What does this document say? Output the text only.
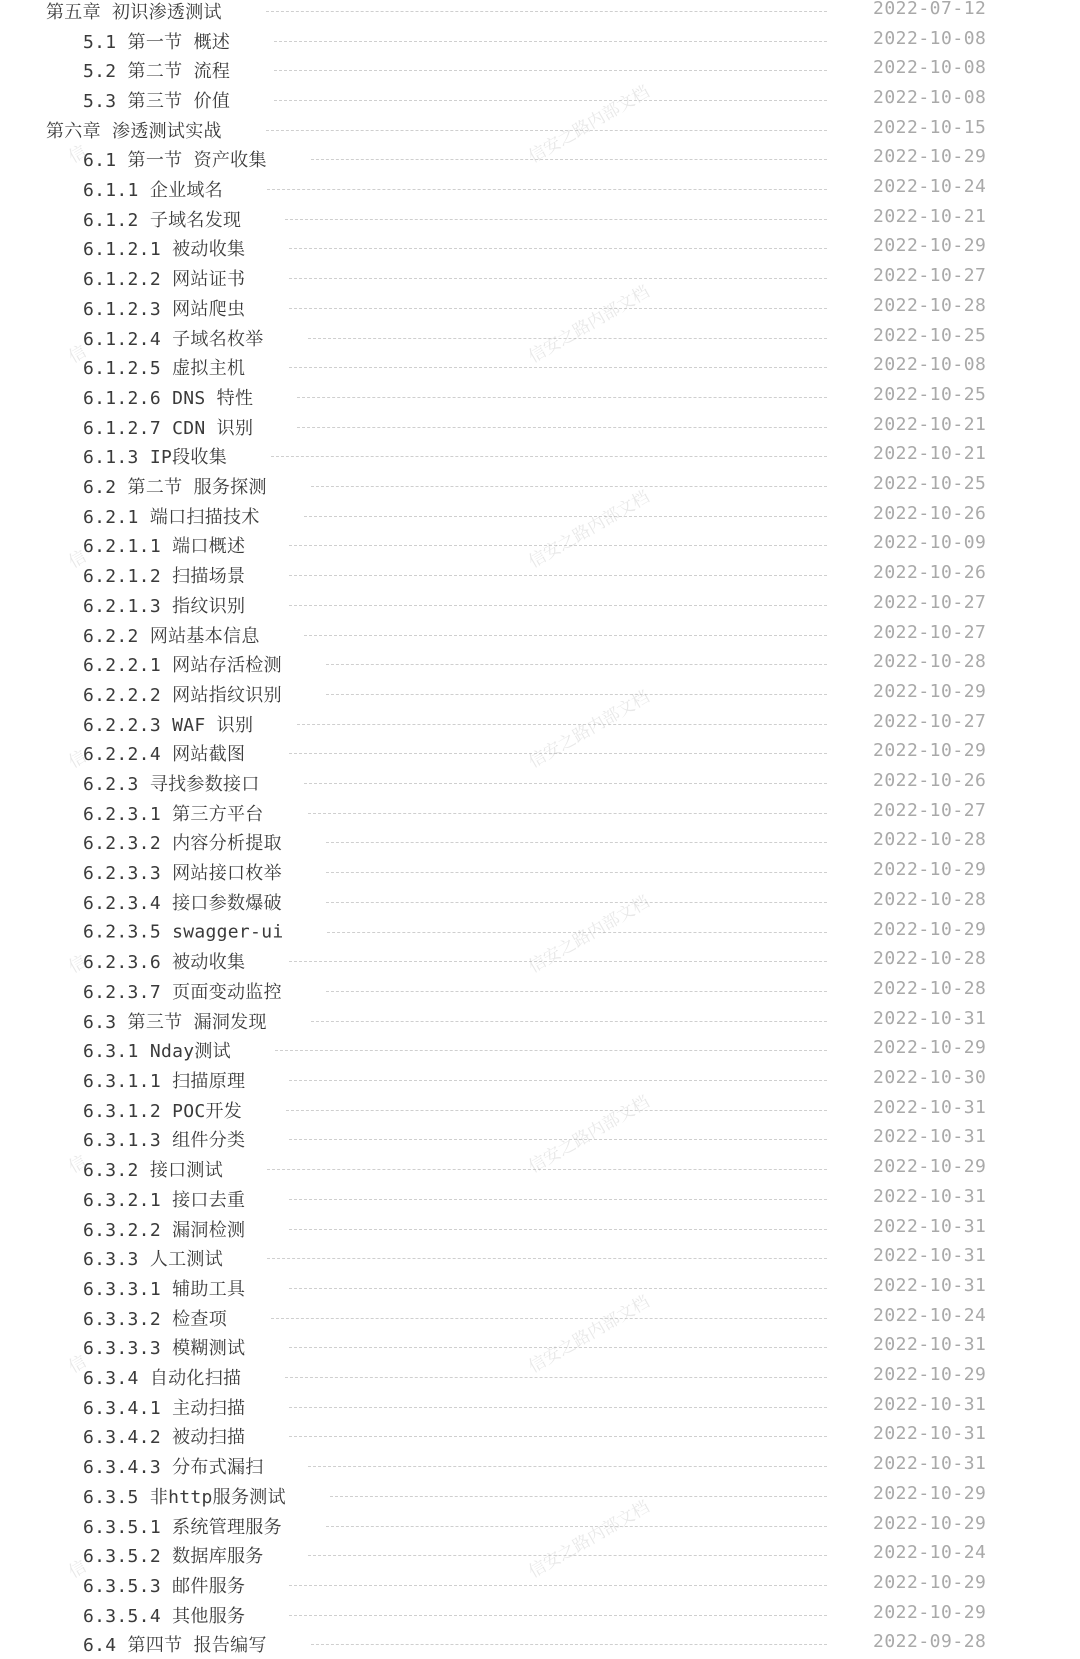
第五章 初识渗透测试	2022-07-12
5.1 第一节 概述	2022-10-08
5.2 第二节 流程	2022-10-08
5.3 第三节 价值	2022-10-08
第六章 渗透测试实战	2022-10-15
6.1 第一节 资产收集	2022-10-29
6.1.1 企业域名	2022-10-24
6.1.2 子域名发现	2022-10-21
6.1.2.1 被动收集	2022-10-29
6.1.2.2 网站证书	2022-10-27
6.1.2.3 网站爬虫	2022-10-28
6.1.2.4 子域名枚举	2022-10-25
6.1.2.5 虚拟主机	2022-10-08
6.1.2.6 DNS 特性	2022-10-25
6.1.2.7 CDN 识别	2022-10-21
6.1.3 IP段收集	2022-10-21
6.2 第二节 服务探测	2022-10-25
6.2.1 端口扫描技术	2022-10-26
6.2.1.1 端口概述	2022-10-09
6.2.1.2 扫描场景	2022-10-26
6.2.1.3 指纹识别	2022-10-27
6.2.2 网站基本信息	2022-10-27
6.2.2.1 网站存活检测	2022-10-28
6.2.2.2 网站指纹识别	2022-10-29
6.2.2.3 WAF 识别	2022-10-27
6.2.2.4 网站截图	2022-10-29
6.2.3 寻找参数接口	2022-10-26
6.2.3.1 第三方平台	2022-10-27
6.2.3.2 内容分析提取	2022-10-28
6.2.3.3 网站接口枚举	2022-10-29
6.2.3.4 接口参数爆破	2022-10-28
6.2.3.5 swagger-ui	2022-10-29
6.2.3.6 被动收集	2022-10-28
6.2.3.7 页面变动监控	2022-10-28
6.3 第三节 漏洞发现	2022-10-31
6.3.1 Nday测试	2022-10-29
6.3.1.1 扫描原理	2022-10-30
6.3.1.2 POC开发	2022-10-31
6.3.1.3 组件分类	2022-10-31
6.3.2 接口测试	2022-10-29
6.3.2.1 接口去重	2022-10-31
6.3.2.2 漏洞检测	2022-10-31
6.3.3 人工测试	2022-10-31
6.3.3.1 辅助工具	2022-10-31
6.3.3.2 检查项	2022-10-24
6.3.3.3 模糊测试	2022-10-31
6.3.4 自动化扫描	2022-10-29
6.3.4.1 主动扫描	2022-10-31
6.3.4.2 被动扫描	2022-10-31
6.3.4.3 分布式漏扫	2022-10-31
6.3.5 非http服务测试	2022-10-29
6.3.5.1 系统管理服务	2022-10-29
6.3.5.2 数据库服务	2022-10-24
6.3.5.3 邮件服务	2022-10-29
6.3.5.4 其他服务	2022-10-29
6.4 第四节 报告编写	2022-09-28
信安之路内部文档
信
信安之路内部文档
信
信安之路内部文档
信
信安之路内部文档
信
信安之路内部文档
信
信安之路内部文档
信
信安之路内部文档
信
信安之路内部文档
信
